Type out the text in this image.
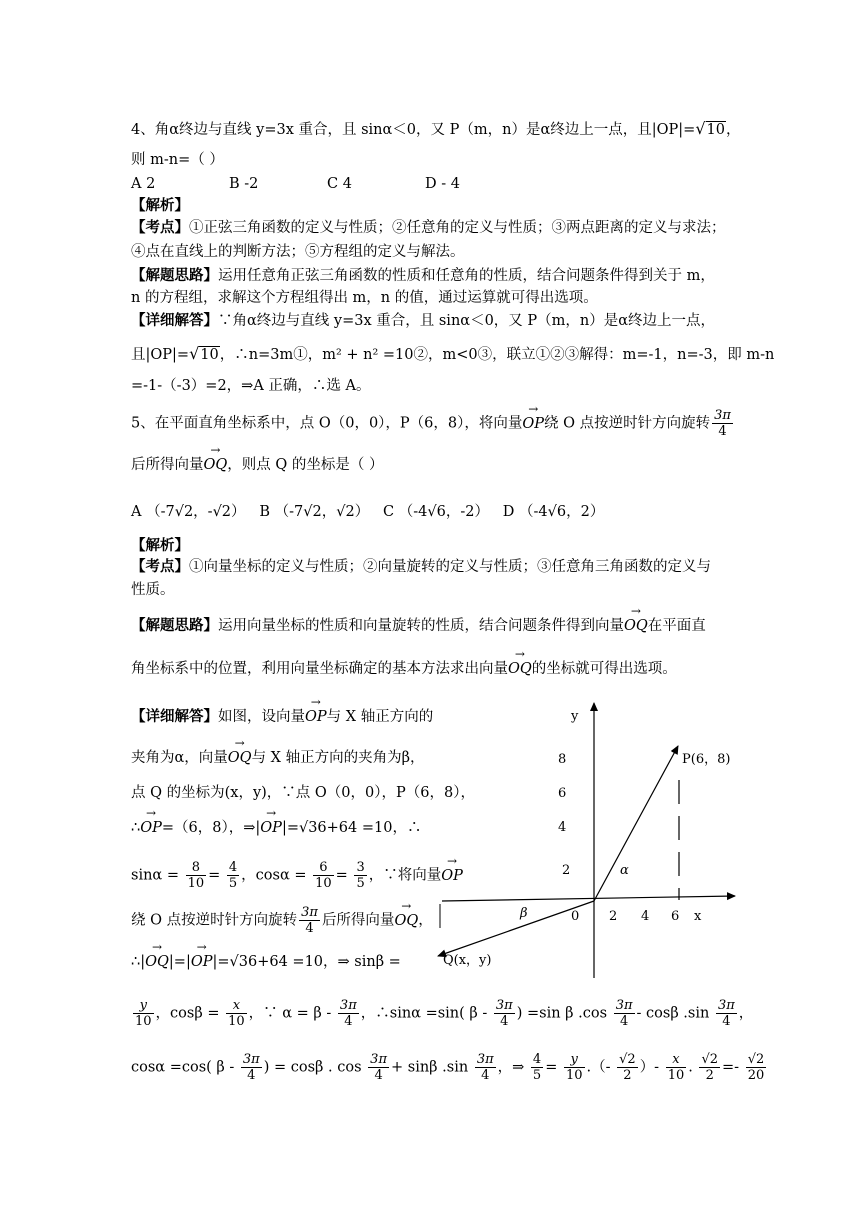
4、角α终边与直线 y=3x 重合，且 sinα＜0，又 P（m，n）是α终边上一点，且|OP|=√10，
则 m-n=（ ）
A 2	B -2	C 4	D - 4
【解析】
【考点】①正弦三角函数的定义与性质；②任意角的定义与性质；③两点距离的定义与求法；
④点在直线上的判断方法；⑤方程组的定义与解法。
【解题思路】运用任意角正弦三角函数的性质和任意角的性质，结合问题条件得到关于 m，
n 的方程组，求解这个方程组得出 m，n 的值，通过运算就可得出选项。
【详细解答】∵角α终边与直线 y=3x 重合，且 sinα＜0，又 P（m，n）是α终边上一点，
且|OP|=√10，∴n=3m①，m² + n² =10②，m<0③，联立①②③解得：m=-1，n=-3，即 m-n
=-1-（-3）=2，⇒A 正确，∴选 A。
5、在平面直角坐标系中，点 O（0，0），P（6，8），将向量→ OP绕 O 点按逆时针方向旋转 $\frac{3\pi}{4}$
后所得向量→ OQ，则点 Q 的坐标是（ ）
A （-7√2，-√2） B （-7√2，√2） C （-4√6，-2） D （-4√6，2）
【解析】
【考点】①向量坐标的定义与性质；②向量旋转的定义与性质；③任意角三角函数的定义与
性质。
【解题思路】运用向量坐标的性质和向量旋转的性质，结合问题条件得到向量→ OQ在平面直
角坐标系中的位置，利用向量坐标确定的基本方法求出向量→ OQ的坐标就可得出选项。
【详细解答】如图，设向量→ OP与 X 轴正方向的
夹角为α，向量→ OQ与 X 轴正方向的夹角为β，
点 Q 的坐标为(x，y)，∵点 O（0，0），P（6，8），
∴→ OP=（6，8），⇒|→ OP|=√36+64 =10，∴
$\sin\alpha = \frac{8}{10} = \frac{4}{5}$ ，$\cos\alpha = \frac{6}{10} = \frac{3}{5}$ ，∵将向量→ OP
绕 O 点按逆时针方向旋转 $\frac{3\pi}{4}$ 后所得向量→ OQ，
∴|→ OQ|=|→ OP|=√36+64 =10，⇒ sinβ =
$\frac{y}{10}$ ，$\cos\beta = \frac{x}{10}$ ，∵ $\alpha = \beta - \frac{3\pi}{4}$ ，∴sinα =sin( β - $\frac{3\pi}{4}$ ) =sin β $.\cos \frac{3\pi}{4}$ - cosβ $.\sin \frac{3\pi}{4}$ ，
cosα =cos( β - $\frac{3\pi}{4}$ ) = cosβ . $\cos \frac{3\pi}{4} + \sin\beta$ $.\sin \frac{3\pi}{4}$ ，⇒ $\frac{4}{5} = \frac{y}{10}$ .（- $\frac{√2}{2}$ ）- $\frac{x}{10}$ . $\frac{√2}{2} =- \frac{√2}{20}$
y
8
6
4
2
P(6，8)
α
β	0 2 4 6 x
Q(x，y)
